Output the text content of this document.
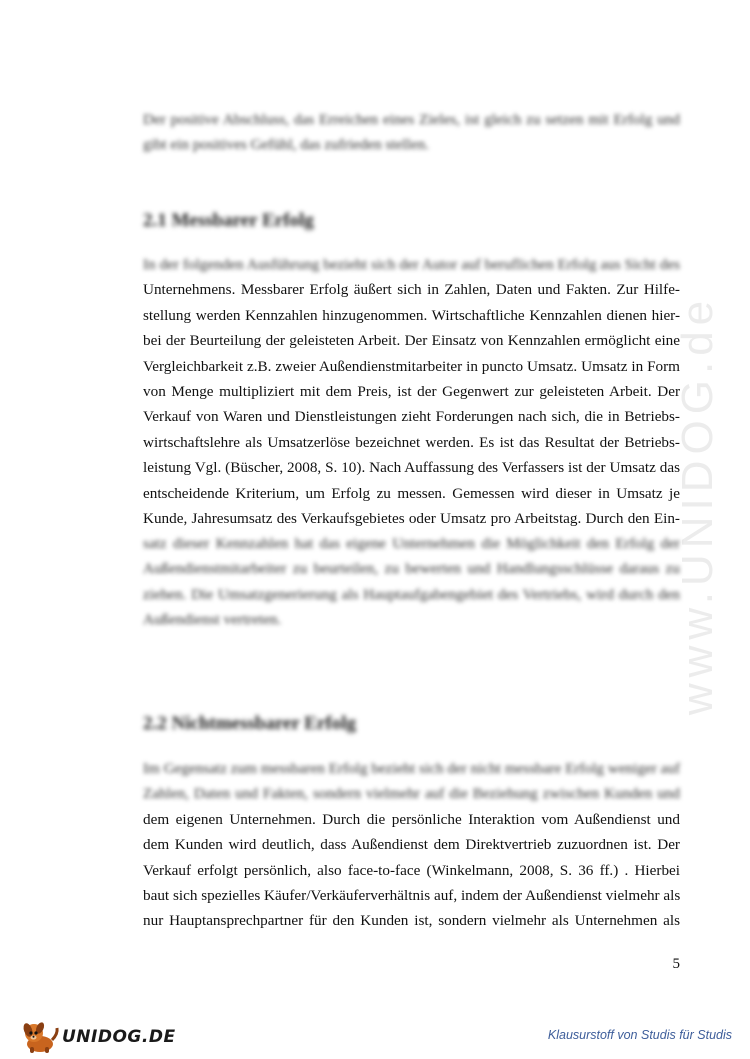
www.UNIDOG.de

Der positive Abschluss, das Erreichen eines Zieles, ist gleich zu setzen mit Erfolg und gibt ein positives Gefühl, das zufrieden stellen.

2.1 Messbarer Erfolg
In der folgenden Ausführung bezieht sich der Autor auf beruflichen Erfolg aus Sicht des
Unternehmens. Messbarer Erfolg äußert sich in Zahlen, Daten und Fakten. Zur Hilfe-
stellung werden Kennzahlen hinzugenommen. Wirtschaftliche Kennzahlen dienen hier-
bei der Beurteilung der geleisteten Arbeit. Der Einsatz von Kennzahlen ermöglicht eine
Vergleichbarkeit z.B. zweier Außendienstmitarbeiter in puncto Umsatz. Umsatz in Form
von Menge multipliziert mit dem Preis, ist der Gegenwert zur geleisteten Arbeit. Der
Verkauf von Waren und Dienstleistungen zieht Forderungen nach sich, die in Betriebs-
wirtschaftslehre als Umsatzerlöse bezeichnet werden. Es ist das Resultat der Betriebs-
leistung Vgl. (Büscher, 2008, S. 10). Nach Auffassung des Verfassers ist der Umsatz das
entscheidende Kriterium, um Erfolg zu messen. Gemessen wird dieser in Umsatz je
Kunde, Jahresumsatz des Verkaufsgebietes oder Umsatz pro Arbeitstag. Durch den Ein-

satz dieser Kennzahlen hat das eigene Unternehmen die Möglichkeit den Erfolg der Außendienstmitarbeiter zu beurteilen, zu bewerten und Handlungsschlüsse daraus zu ziehen. Die Umsatzgenerierung als Hauptaufgabengebiet des Vertriebs, wird durch den Außendienst vertreten.

2.2 Nichtmessbarer Erfolg
Im Gegensatz zum messbaren Erfolg bezieht sich der nicht messbare Erfolg weniger auf
Zahlen, Daten und Fakten, sondern vielmehr auf die Beziehung zwischen Kunden und
dem eigenen Unternehmen. Durch die persönliche Interaktion vom Außendienst und
dem Kunden wird deutlich, dass Außendienst dem Direktvertrieb zuzuordnen ist. Der
Verkauf erfolgt persönlich, also face-to-face (Winkelmann, 2008, S. 36 ff.) . Hierbei
baut sich spezielles Käufer/Verkäuferverhältnis auf, indem der Außendienst vielmehr als
nur Hauptansprechpartner für den Kunden ist, sondern vielmehr als Unternehmen als
5
UNIDOG.DE	Klausurstoff von Studis für Studis
